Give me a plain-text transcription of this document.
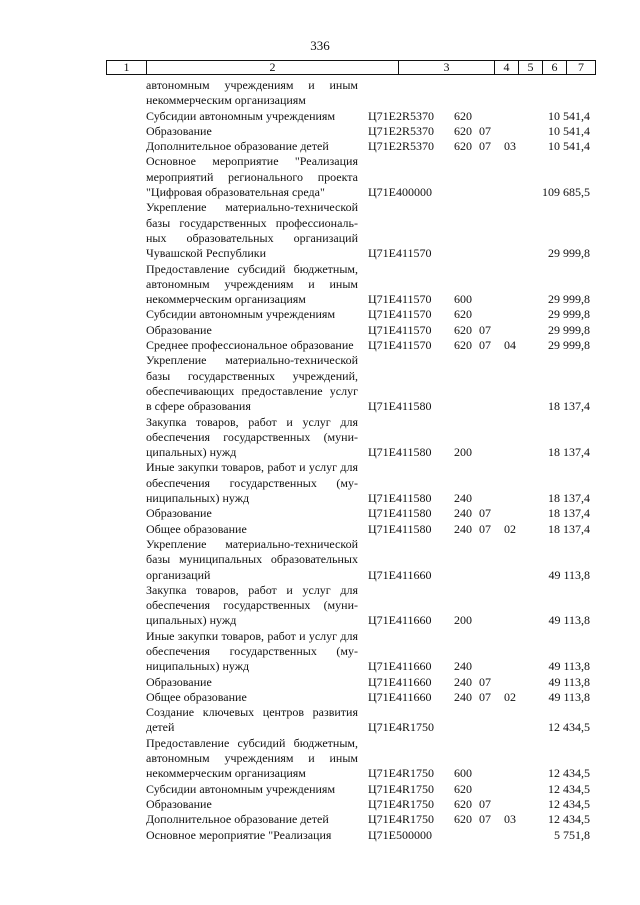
336
1	2	3	4	5	6	7
автономным учреждениям и иным некоммерческим организациям
Субсидии автономным учреждениям	Ц71E2R5370 620	10 541,4
Образование	Ц71E2R5370 620 07	10 541,4
Дополнительное образование детей	Ц71E2R5370 620 07 03	10 541,4
Основное мероприятие "Реализация мероприятий регионального проекта "Цифровая образовательная среда"	Ц71E400000	109 685,5
Укрепление материально-технической базы государственных профессиональных образовательных организаций Чувашской Республики	Ц71E411570	29 999,8
Предоставление субсидий бюджетным, автономным учреждениям и иным некоммерческим организациям	Ц71E411570 600	29 999,8
Субсидии автономным учреждениям	Ц71E411570 620	29 999,8
Образование	Ц71E411570 620 07	29 999,8
Среднее профессиональное образование	Ц71E411570 620 07 04	29 999,8
Укрепление материально-технической базы государственных учреждений, обеспечивающих предоставление услуг в сфере образования	Ц71E411580	18 137,4
Закупка товаров, работ и услуг для обеспечения государственных (муниципальных) нужд	Ц71E411580 200	18 137,4
Иные закупки товаров, работ и услуг для обеспечения государственных (муниципальных) нужд	Ц71E411580 240	18 137,4
Образование	Ц71E411580 240 07	18 137,4
Общее образование	Ц71E411580 240 07 02	18 137,4
Укрепление материально-технической базы муниципальных образовательных организаций	Ц71E411660	49 113,8
Закупка товаров, работ и услуг для обеспечения государственных (муниципальных) нужд	Ц71E411660 200	49 113,8
Иные закупки товаров, работ и услуг для обеспечения государственных (муниципальных) нужд	Ц71E411660 240	49 113,8
Образование	Ц71E411660 240 07	49 113,8
Общее образование	Ц71E411660 240 07 02	49 113,8
Создание ключевых центров развития детей	Ц71E4R1750	12 434,5
Предоставление субсидий бюджетным, автономным учреждениям и иным некоммерческим организациям	Ц71E4R1750 600	12 434,5
Субсидии автономным учреждениям	Ц71E4R1750 620	12 434,5
Образование	Ц71E4R1750 620 07	12 434,5
Дополнительное образование детей	Ц71E4R1750 620 07 03	12 434,5
Основное мероприятие "Реализация	Ц71E500000	5 751,8
